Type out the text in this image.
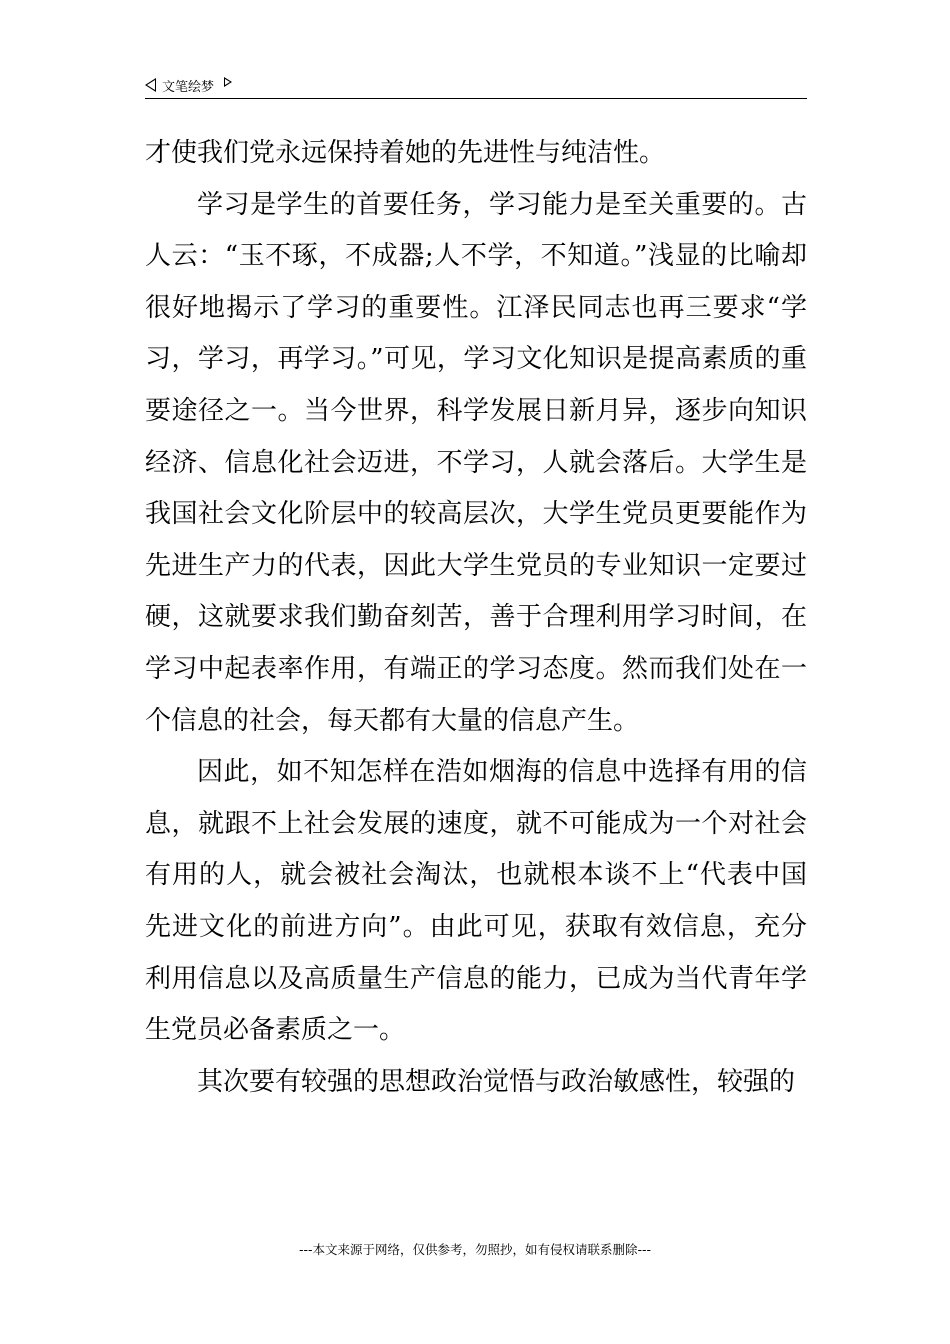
文笔绘梦

才使我们党永远保持着她的先进性与纯洁性。

学习是学生的首要任务，学习能力是至关重要的。古人云：“玉不琢，不成器;人不学，不知道。”浅显的比喻却很好地揭示了学习的重要性。江泽民同志也再三要求“学习，学习，再学习。”可见，学习文化知识是提高素质的重要途径之一。当今世界，科学发展日新月异，逐步向知识经济、信息化社会迈进，不学习，人就会落后。大学生是我国社会文化阶层中的较高层次，大学生党员更要能作为先进生产力的代表，因此大学生党员的专业知识一定要过硬，这就要求我们勤奋刻苦，善于合理利用学习时间，在学习中起表率作用，有端正的学习态度。然而我们处在一个信息的社会，每天都有大量的信息产生。

因此，如不知怎样在浩如烟海的信息中选择有用的信息，就跟不上社会发展的速度，就不可能成为一个对社会有用的人，就会被社会淘汰，也就根本谈不上“代表中国先进文化的前进方向”。由此可见，获取有效信息，充分利用信息以及高质量生产信息的能力，已成为当代青年学生党员必备素质之一。

其次要有较强的思想政治觉悟与政治敏感性，较强的

---本文来源于网络，仅供参考，勿照抄，如有侵权请联系删除---
